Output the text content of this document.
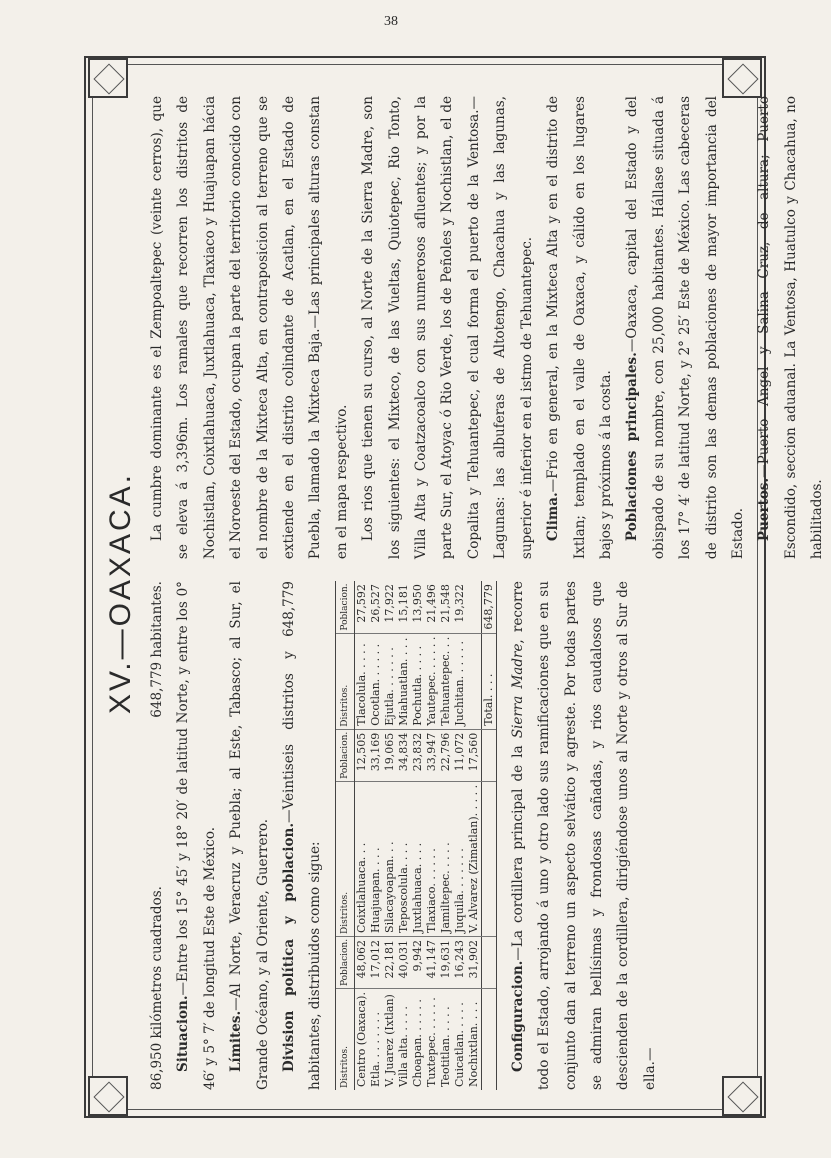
38
XV.—OAXACA.
86,950 kilómetros cuadrados.
648,779 habitantes.

Situacion.—Entre los 15° 45′ y 18° 20′ de latitud Norte, y entre los 0° 46′ y 5° 7′ de longitud Este de México. Límites.—Al Norte, Veracruz y Puebla; al Este, Tabasco; al Sur, el Grande Océano, y al Oriente, Guerrero. Division política y poblacion.—Veintiseis distritos y 648,779 habitantes, distribuidos como sigue:	Distritos.	Poblacion.	Distritos.	Poblacion.	Distritos.	Poblacion.
Centro (Oaxaca).	48,062	Coixtlahuaca. . .	12,505	Tlacolula. . . . .	27,592
Etla. . . . . . . .	17,012	Huajuapan. . . .	33,169	Ocotlan. . . . . .	26,527
V. Juarez (Ixtlan)	22,181	Silacayoapan. . .	19,065	Ejutla. . . . . . .	17,922
Villa alta. . . . .	40,031	Teposcolula. . . .	34,834	Miahuatlan. . . .	15,181
Choapan. . . . . .	9,942	Juxtlahuaca. . . .	23,832	Pochutla. . . . .	13,950
Tuxtepec. . . . . .	41,147	Tlaxiaco. . . . . .	33,947	Yautepec. . . . . .	21,496
Teotitlan. . . . .	19,631	Jamiltepec. . . . .	22,796	Tehuantepec. . .	21,548
Cuicatlan. . . . .	16,243	Juquila. . . . . . .	11,072	Juchitan. . . . . .	19,322
Nochixtlan. . . .	31,902	V. Alvarez (Zimatlan). . . . .	17,560		
				Total. . . .	648,779

Configuracion.—La cordillera principal de la Sierra Madre, recorre todo el Estado, arrojando á uno y otro lado sus ramificaciones que en su conjunto dan al terreno un aspecto selvático y agreste. Por todas partes se admiran bellísimas y frondosas cañadas, y rios caudalosos que descienden de la cordillera, dirigiéndose unos al Norte y otros al Sur de ella.—

La cumbre dominante es el Zempoaltepec (veinte cerros), que se eleva á 3,396m. Los ramales que recorren los distritos de Nochistlan, Coixtlahuaca, Juxtlahuaca, Tlaxiaco y Huajuapan hácia el Noroeste del Estado, ocupan la parte del territorio conocido con el nombre de la Mixteca Alta, en contraposicion al terreno que se extiende en el distrito colindante de Acatlan, en el Estado de Puebla, llamado la Mixteca Baja.—Las principales alturas constan en el mapa respectivo. Los rios que tienen su curso, al Norte de la Sierra Madre, son los siguientes: el Mixteco, de las Vueltas, Quiotepec, Rio Tonto, Villa Alta y Coatzacoalco con sus numerosos afluentes; y por la parte Sur, el Atoyac ó Rio Verde, los de Peñoles y Nochistlan, el de Copalita y Tehuantepec, el cual forma el puerto de la Ventosa.—Lagunas: las albuferas de Altotengo, Chacahua y las lagunas, superior é inferior en el istmo de Tehuantepec. Clima.—Frio en general, en la Mixteca Alta y en el distrito de Ixtlan; templado en el valle de Oaxaca, y cálido en los lugares bajos y próximos á la costa. Poblaciones principales.—Oaxaca, capital del Estado y del obispado de su nombre, con 25,000 habitantes. Hállase situada á los 17° 4′ de latitud Norte, y 2° 25′ Este de México. Las cabeceras de distrito son las demas poblaciones de mayor importancia del Estado. Puertos.—Puerto Angel y Salina Cruz, de altura; Puerto Escondido, seccion aduanal. La Ventosa, Huatulco y Chacahua, no habilitados.
